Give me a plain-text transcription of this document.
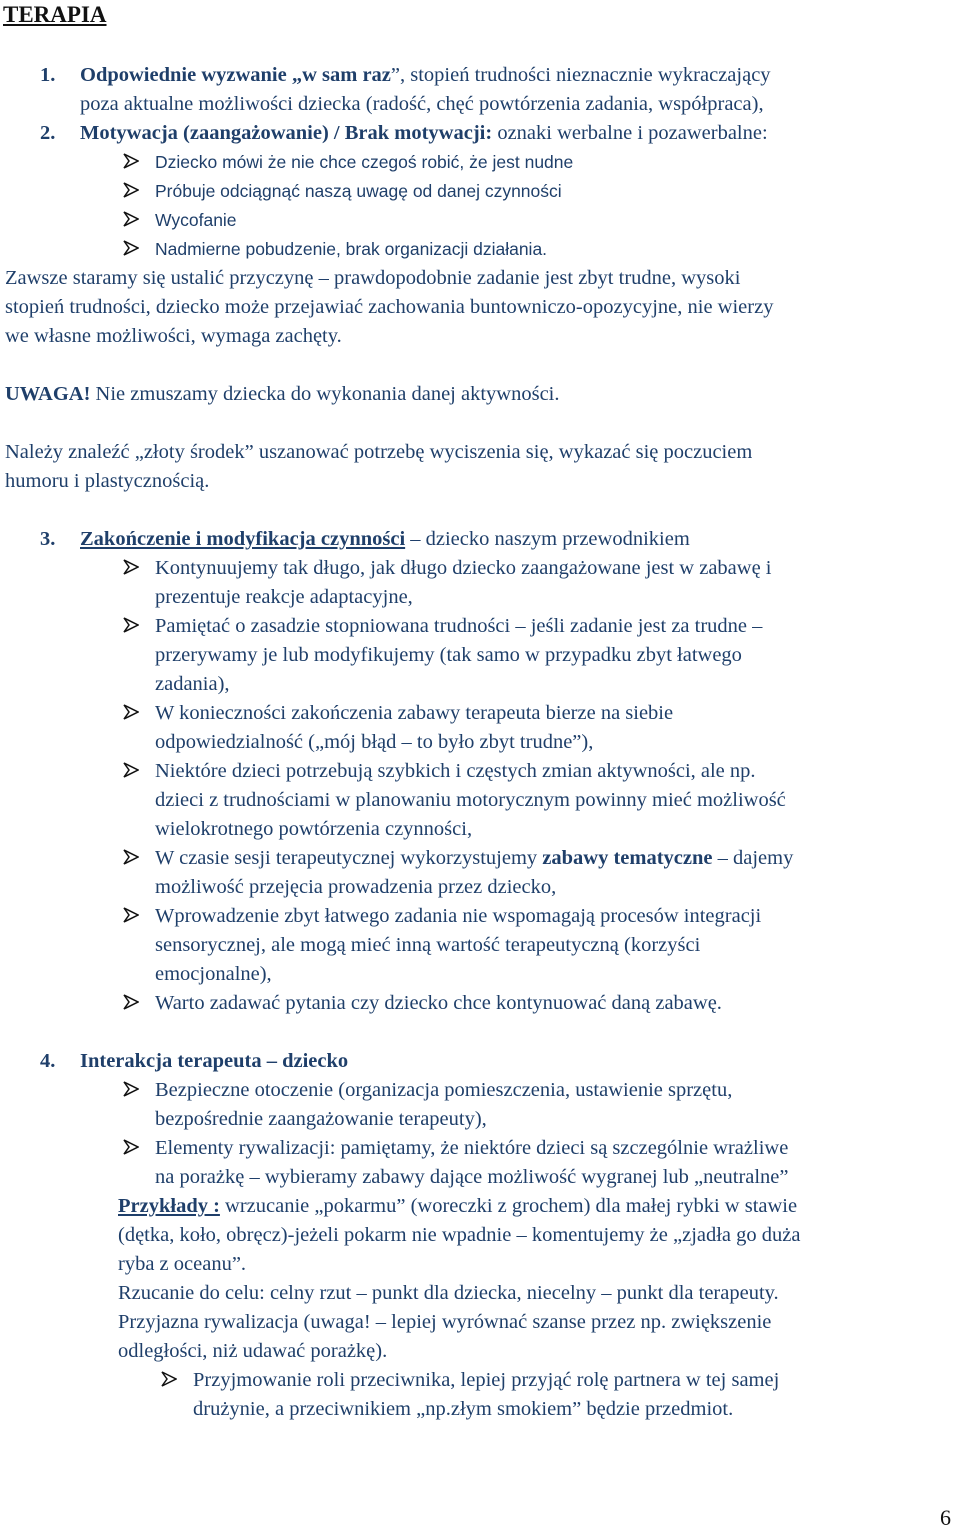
TERAPIA
1. Odpowiednie wyzwanie „w sam raz”, stopień trudności nieznacznie wykraczający
poza aktualne możliwości dziecka (radość, chęć powtórzenia zadania, współpraca),
2. Motywacja (zaangażowanie) / Brak motywacji: oznaki werbalne i pozawerbalne:
Dziecko mówi że nie chce czegoś robić, że jest nudne
Próbuje odciągnąć naszą uwagę od danej czynności
Wycofanie
Nadmierne pobudzenie, brak organizacji działania.
Zawsze staramy się ustalić przyczynę – prawdopodobnie zadanie jest zbyt trudne, wysoki
stopień trudności, dziecko może przejawiać zachowania buntowniczo-opozycyjne, nie wierzy
we własne możliwości, wymaga zachęty.
UWAGA! Nie zmuszamy dziecka do wykonania danej aktywności.
Należy znaleźć „złoty środek” uszanować potrzebę wyciszenia się, wykazać się poczuciem
humoru i plastycznością.
3. Zakończenie i modyfikacja czynności – dziecko naszym przewodnikiem
Kontynuujemy tak długo, jak długo dziecko zaangażowane jest w zabawę i
prezentuje reakcje adaptacyjne,
Pamiętać o zasadzie stopniowana trudności – jeśli zadanie jest za trudne –
przerywamy je lub modyfikujemy (tak samo w przypadku zbyt łatwego
zadania),
W konieczności zakończenia zabawy terapeuta bierze na siebie
odpowiedzialność („mój błąd – to było zbyt trudne”),
Niektóre dzieci potrzebują szybkich i częstych zmian aktywności, ale np.
dzieci z trudnościami w planowaniu motorycznym powinny mieć możliwość
wielokrotnego powtórzenia czynności,
W czasie sesji terapeutycznej wykorzystujemy zabawy tematyczne – dajemy
możliwość przejęcia prowadzenia przez dziecko,
Wprowadzenie zbyt łatwego zadania nie wspomagają procesów integracji
sensorycznej, ale mogą mieć inną wartość terapeutyczną (korzyści
emocjonalne),
Warto zadawać pytania czy dziecko chce kontynuować daną zabawę.
4. Interakcja terapeuta – dziecko
Bezpieczne otoczenie (organizacja pomieszczenia, ustawienie sprzętu,
bezpośrednie zaangażowanie terapeuty),
Elementy rywalizacji: pamiętamy, że niektóre dzieci są szczególnie wrażliwe
na porażkę – wybieramy zabawy dające możliwość wygranej lub „neutralne”
Przykłady : wrzucanie „pokarmu” (woreczki z grochem) dla małej rybki w stawie
(dętka, koło, obręcz)-jeżeli pokarm nie wpadnie – komentujemy że „zjadła go duża
ryba z oceanu”.
Rzucanie do celu: celny rzut – punkt dla dziecka, niecelny – punkt dla terapeuty.
Przyjazna rywalizacja (uwaga! – lepiej wyrównać szanse przez np. zwiększenie
odległości, niż udawać porażkę).
Przyjmowanie roli przeciwnika, lepiej przyjąć rolę partnera w tej samej
drużynie, a przeciwnikiem „np.złym smokiem” będzie przedmiot.
6
